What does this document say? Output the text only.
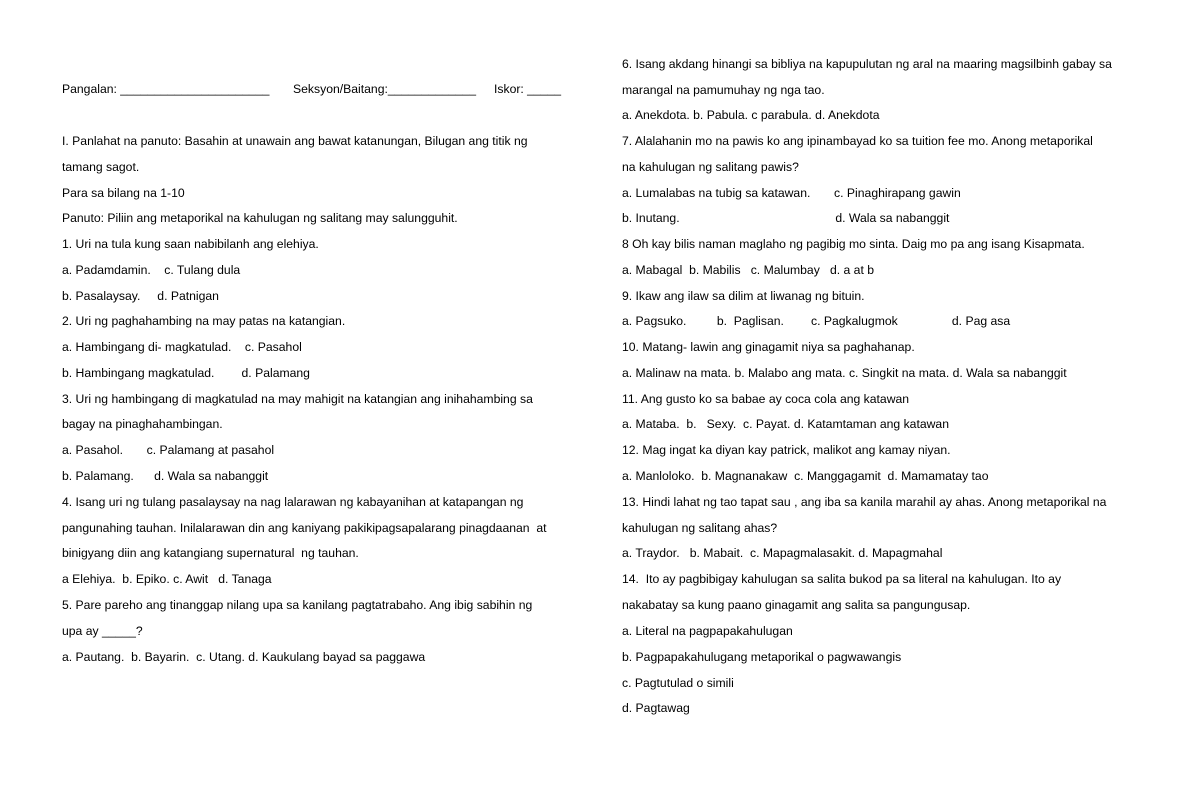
Pangalan: ______________________ Seksyon/Baitang:_____________ Iskor: _____
I. Panlahat na panuto: Basahin at unawain ang bawat katanungan, Bilugan ang titik ng
tamang sagot.
Para sa bilang na 1-10
Panuto: Piliin ang metaporikal na kahulugan ng salitang may salungguhit.
1. Uri na tula kung saan nabibilanh ang elehiya.
a. Padamdamin.    c. Tulang dula
b. Pasalaysay.     d. Patnigan
2. Uri ng paghahambing na may patas na katangian.
a. Hambingang di- magkatulad.    c. Pasahol
b. Hambingang magkatulad.        d. Palamang
3. Uri ng hambingang di magkatulad na may mahigit na katangian ang inihahambing sa
bagay na pinaghahambingan.
a. Pasahol.       c. Palamang at pasahol
b. Palamang.      d. Wala sa nabanggit
4. Isang uri ng tulang pasalaysay na nag lalarawan ng kabayanihan at katapangan ng
pangunahing tauhan. Inilalarawan din ang kaniyang pakikipagsapalarang pinagdaanan  at
binigyang diin ang katangiang supernatural  ng tauhan.
a Elehiya.  b. Epiko. c. Awit   d. Tanaga
5. Pare pareho ang tinanggap nilang upa sa kanilang pagtatrabaho. Ang ibig sabihin ng
upa ay _____?
a. Pautang.  b. Bayarin.  c. Utang. d. Kaukulang bayad sa paggawa
6. Isang akdang hinangi sa bibliya na kapupulutan ng aral na maaring magsilbinh gabay sa
marangal na pamumuhay ng nga tao.
a. Anekdota. b. Pabula. c parabula. d. Anekdota
7. Alalahanin mo na pawis ko ang ipinambayad ko sa tuition fee mo. Anong metaporikal
na kahulugan ng salitang pawis?
a. Lumalabas na tubig sa katawan.       c. Pinaghirapang gawin
b. Inutang.                                              d. Wala sa nabanggit
8 Oh kay bilis naman maglaho ng pagibig mo sinta. Daig mo pa ang isang Kisapmata.
a. Mabagal  b. Mabilis   c. Malumbay   d. a at b
9. Ikaw ang ilaw sa dilim at liwanag ng bituin.
a. Pagsuko.         b.  Paglisan.        c. Pagkalugmok                d. Pag asa
10. Matang- lawin ang ginagamit niya sa paghahanap.
a. Malinaw na mata. b. Malabo ang mata. c. Singkit na mata. d. Wala sa nabanggit
11. Ang gusto ko sa babae ay coca cola ang katawan
a. Mataba.  b.   Sexy.  c. Payat. d. Katamtaman ang katawan
12. Mag ingat ka diyan kay patrick, malikot ang kamay niyan.
a. Manloloko.  b. Magnanakaw  c. Manggagamit  d. Mamamatay tao
13. Hindi lahat ng tao tapat sau , ang iba sa kanila marahil ay ahas. Anong metaporikal na
kahulugan ng salitang ahas?
a. Traydor.   b. Mabait.  c. Mapagmalasakit. d. Mapagmahal
14.  Ito ay pagbibigay kahulugan sa salita bukod pa sa literal na kahulugan. Ito ay
nakabatay sa kung paano ginagamit ang salita sa pangungusap.
a. Literal na pagpapakahulugan
b. Pagpapakahulugang metaporikal o pagwawangis
c. Pagtutulad o simili
d. Pagtawag
